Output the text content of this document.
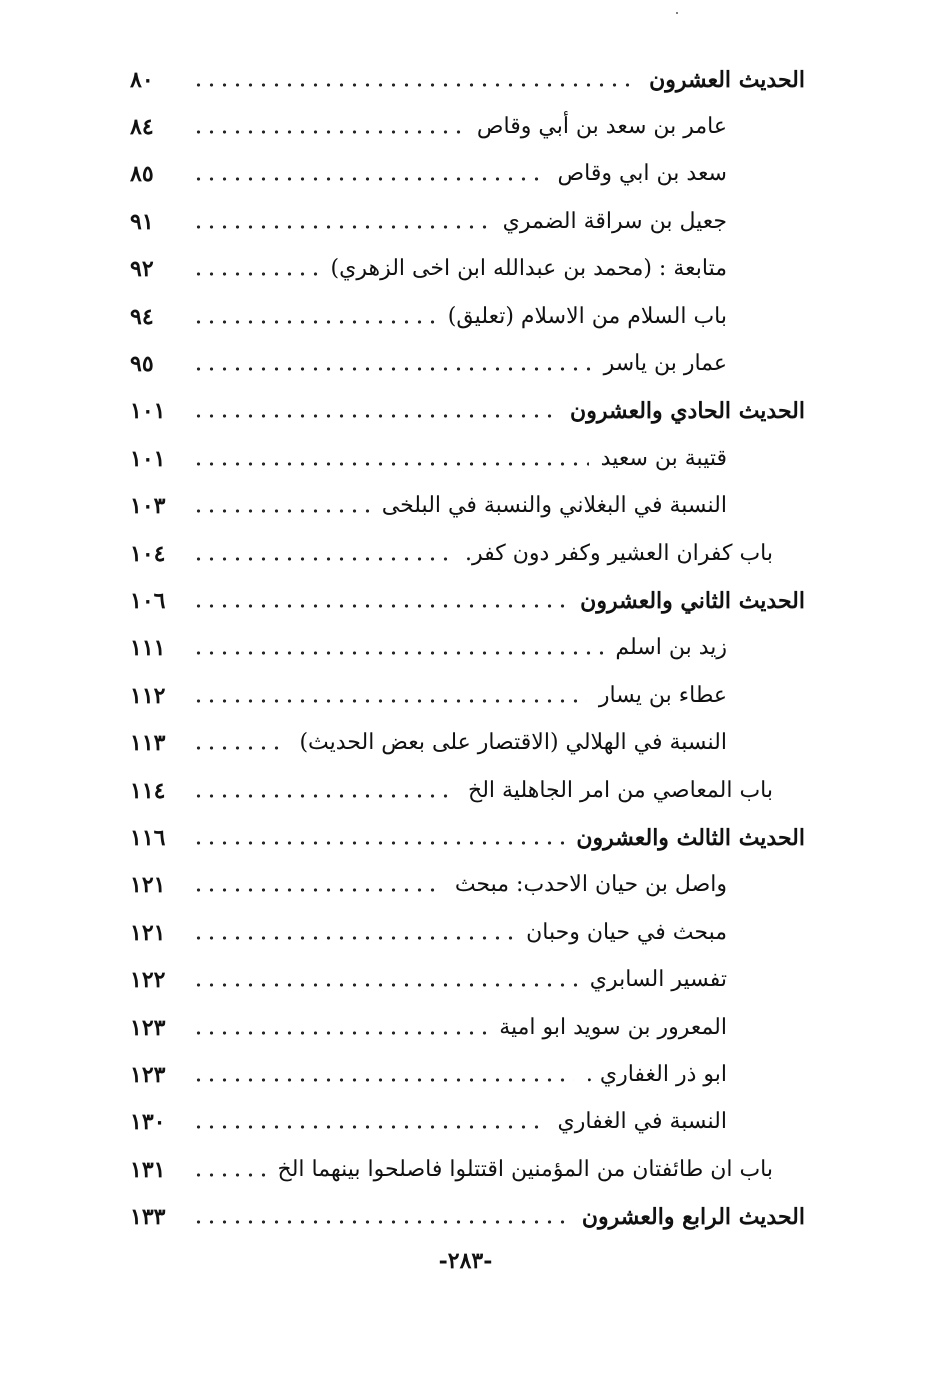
الحديث العشرون
٨٠
عامر بن سعد بن أبي وقاص
٨٤
سعد بن ابي وقاص
٨٥
جعيل بن سراقة الضمري
٩١
متابعة : (محمد بن عبدالله ابن اخى الزهري)
٩٢
باب السلام من الاسلام (تعليق)
٩٤
عمار بن ياسر
٩٥
الحديث الحادي والعشرون
١٠١
قتيبة بن سعيد
١٠١
النسبة في البغلاني والنسبة في البلخى
١٠٣
باب كفران العشير وكفر دون كفر.
١٠٤
الحديث الثاني والعشرون
١٠٦
زيد بن اسلم
١١١
عطاء بن يسار
١١٢
النسبة في الهلالي (الاقتصار على بعض الحديث)
١١٣
باب المعاصي من امر الجاهلية الخ
١١٤
الحديث الثالث والعشرون
١١٦
واصل بن حيان الاحدب: مبحث
١٢١
مبحث في حيان وحبان
١٢١
تفسير السابري
١٢٢
المعرور بن سويد ابو امية
١٢٣
ابو ذر الغفاري .
١٢٣
النسبة في الغفاري
١٣٠
باب ان طائفتان من المؤمنين اقتتلوا فاصلحوا بينهما الخ
١٣١
الحديث الرابع والعشرون
١٣٣
-٢٨٣-
